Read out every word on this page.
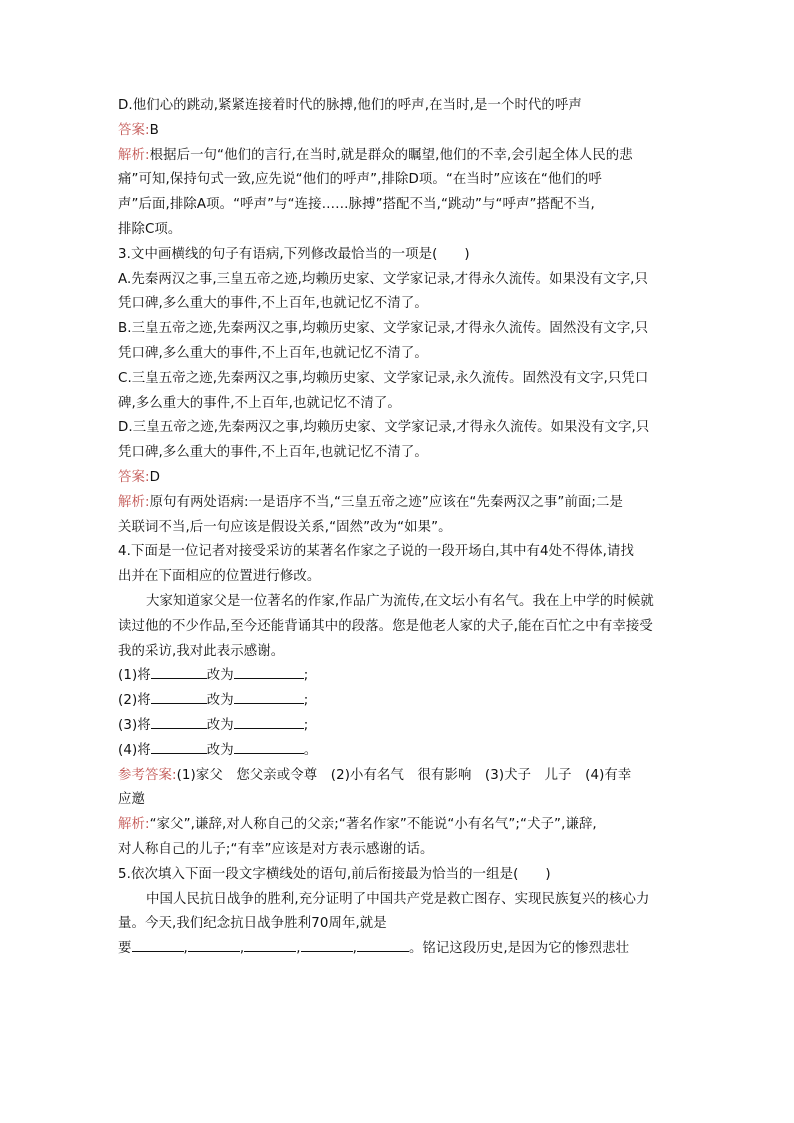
D.他们心的跳动,紧紧连接着时代的脉搏,他们的呼声,在当时,是一个时代的呼声
答案:B
解析:根据后一句“他们的言行,在当时,就是群众的瞩望,他们的不幸,会引起全体人民的悲
痛”可知,保持句式一致,应先说“他们的呼声”,排除D项。“在当时”应该在“他们的呼
声”后面,排除A项。“呼声”与“连接……脉搏”搭配不当,“跳动”与“呼声”搭配不当,
排除C项。
3.文中画横线的句子有语病,下列修改最恰当的一项是(　　)
A.先秦两汉之事,三皇五帝之迹,均赖历史家、文学家记录,才得永久流传。如果没有文字,只
凭口碑,多么重大的事件,不上百年,也就记忆不清了。
B.三皇五帝之迹,先秦两汉之事,均赖历史家、文学家记录,才得永久流传。固然没有文字,只
凭口碑,多么重大的事件,不上百年,也就记忆不清了。
C.三皇五帝之迹,先秦两汉之事,均赖历史家、文学家记录,永久流传。固然没有文字,只凭口
碑,多么重大的事件,不上百年,也就记忆不清了。
D.三皇五帝之迹,先秦两汉之事,均赖历史家、文学家记录,才得永久流传。如果没有文字,只
凭口碑,多么重大的事件,不上百年,也就记忆不清了。
答案:D
解析:原句有两处语病:一是语序不当,“三皇五帝之迹”应该在“先秦两汉之事”前面;二是
关联词不当,后一句应该是假设关系,“固然”改为“如果”。
4.下面是一位记者对接受采访的某著名作家之子说的一段开场白,其中有4处不得体,请找
出并在下面相应的位置进行修改。
大家知道家父是一位著名的作家,作品广为流传,在文坛小有名气。我在上中学的时候就
读过他的不少作品,至今还能背诵其中的段落。您是他老人家的犬子,能在百忙之中有幸接受
我的采访,我对此表示感谢。
(1)将	改为	;
(2)将	改为	;
(3)将	改为	;
(4)将	改为	。
参考答案:(1)家父　您父亲或令尊　(2)小有名气　很有影响　(3)犬子　儿子　(4)有幸
应邀
解析:“家父”,谦辞,对人称自己的父亲;“著名作家”不能说“小有名气”;“犬子”,谦辞,
对人称自己的儿子;“有幸”应该是对方表示感谢的话。
5.依次填入下面一段文字横线处的语句,前后衔接最为恰当的一组是(　　)
中国人民抗日战争的胜利,充分证明了中国共产党是救亡图存、实现民族复兴的核心力
量。今天,我们纪念抗日战争胜利70周年,就是
要	,	,	,	,	。铭记这段历史,是因为它的惨烈悲壮
